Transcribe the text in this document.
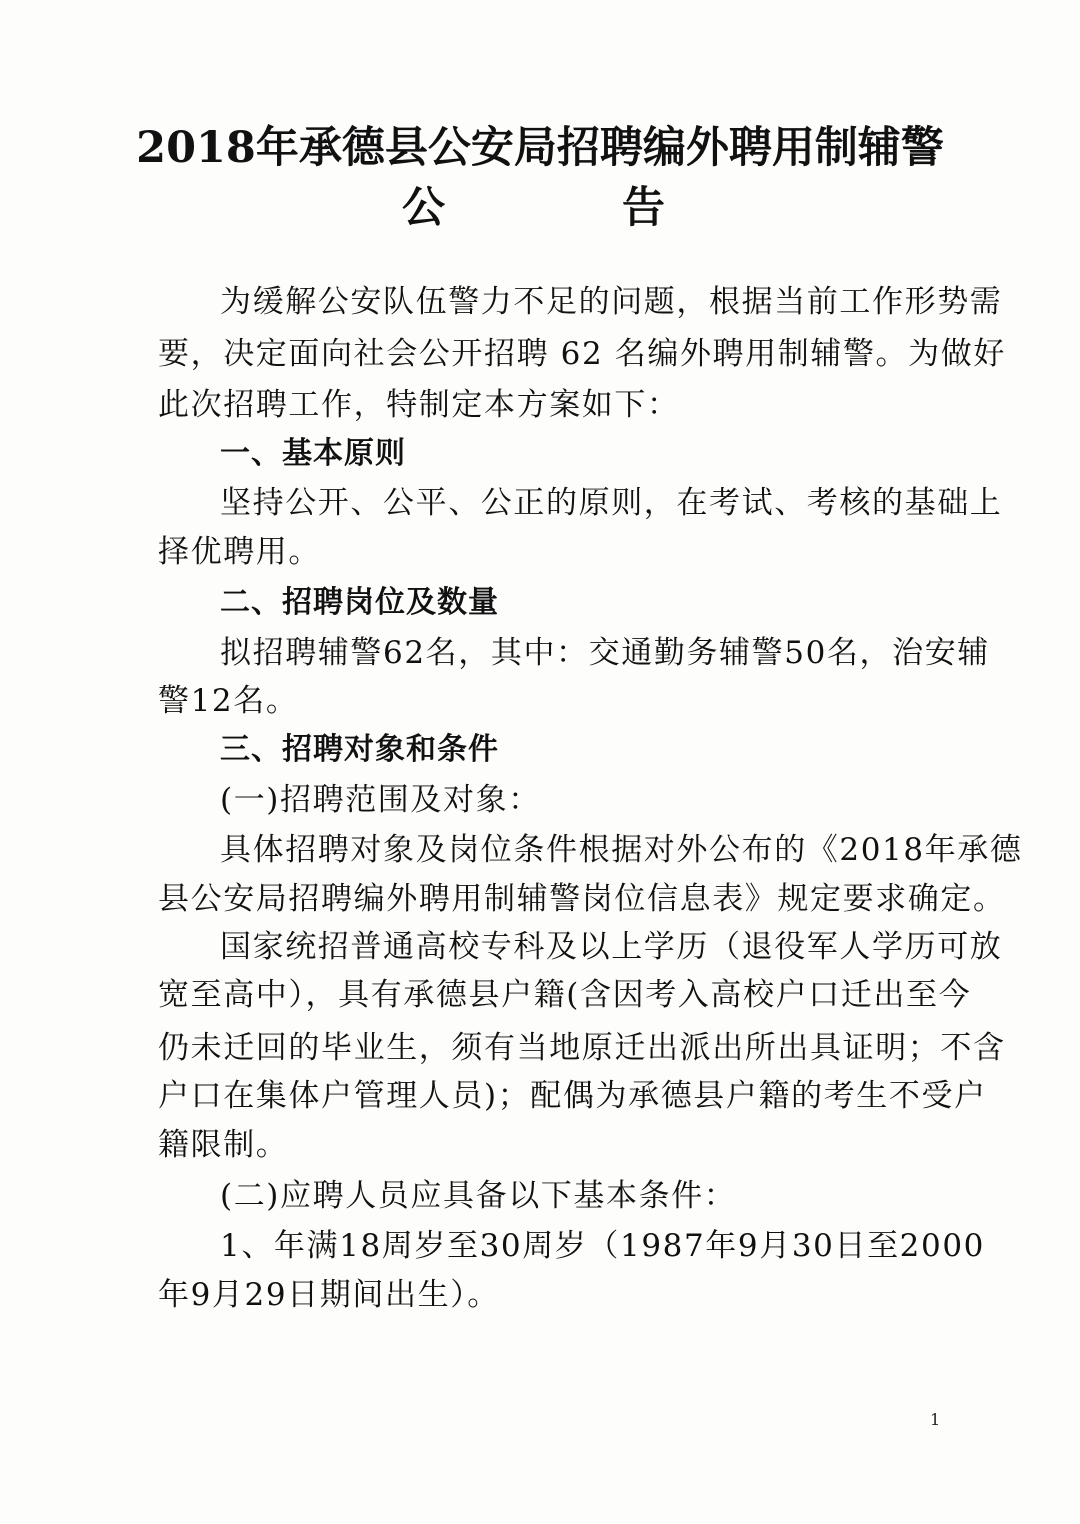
2018年承德县公安局招聘编外聘用制辅警
公	告
为缓解公安队伍警力不足的问题，根据当前工作形势需
要，决定面向社会公开招聘 62 名编外聘用制辅警。为做好
此次招聘工作，特制定本方案如下：
一、基本原则
坚持公开、公平、公正的原则，在考试、考核的基础上
择优聘用。
二、招聘岗位及数量
拟招聘辅警62名，其中：交通勤务辅警50名，治安辅
警12名。
三、招聘对象和条件
(一)招聘范围及对象：
具体招聘对象及岗位条件根据对外公布的《2018年承德
县公安局招聘编外聘用制辅警岗位信息表》规定要求确定。
国家统招普通高校专科及以上学历（退役军人学历可放
宽至高中），具有承德县户籍(含因考入高校户口迁出至今
仍未迁回的毕业生，须有当地原迁出派出所出具证明；不含
户口在集体户管理人员)；配偶为承德县户籍的考生不受户
籍限制。
(二)应聘人员应具备以下基本条件：
1、年满18周岁至30周岁（1987年9月30日至2000
年9月29日期间出生）。
1
